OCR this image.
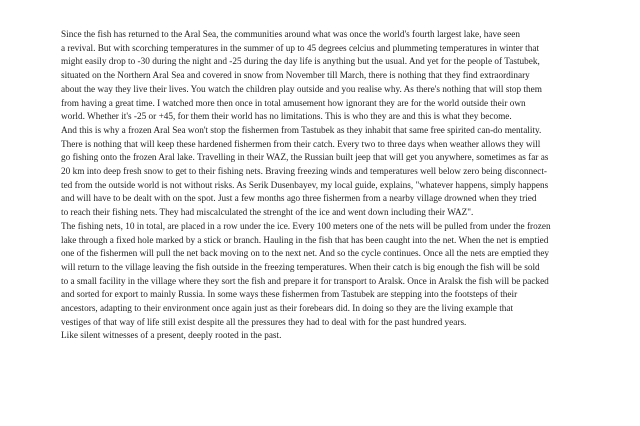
Since the fish has returned to the Aral Sea, the communities around what was once the world's fourth largest lake, have seen
a revival. But with scorching temperatures in the summer of up to 45 degrees celcius and plummeting temperatures in winter that
might easily drop to -30 during the night and -25 during the day life is anything but the usual. And yet for the people of Tastubek,
situated on the Northern Aral Sea and covered in snow from November till March, there is nothing that they find extraordinary
about the way they live their lives. You watch the children play outside and you realise why. As there's nothing that will stop them
from having a great time. I watched more then once in total amusement how ignorant they are for the world outside their own
world. Whether it's -25 or +45, for them their world has no limitations. This is who they are and this is what they become.
And this is why a frozen Aral Sea won't stop the fishermen from Tastubek as they inhabit that same free spirited can-do mentality.
There is nothing that will keep these hardened fishermen from their catch. Every two to three days when weather allows they will
go fishing onto the frozen Aral lake. Travelling in their WAZ, the Russian built jeep that will get you anywhere, sometimes as far as
20 km into deep fresh snow to get to their fishing nets. Braving freezing winds and temperatures well below zero being disconnect-
ted from the outside world is not without risks. As Serik Dusenbayev, my local guide, explains, "whatever happens, simply happens
and will have to be dealt with on the spot. Just a few months ago three fishermen from a nearby village drowned when they tried
to reach their fishing nets. They had miscalculated the strenght of the ice and went down including their WAZ".
The fishing nets, 10 in total, are placed in a row under the ice. Every 100 meters one of the nets will be pulled from under the frozen
lake through a fixed hole marked by a stick or branch. Hauling in the fish that has been caught into the net. When the net is emptied
one of the fishermen will pull the net back moving on to the next net. And so the cycle continues. Once all the nets are emptied they
will return to the village leaving the fish outside in the freezing temperatures. When their catch is big enough the fish will be sold
to a small facility in the village where they sort the fish and prepare it for transport to Aralsk. Once in Aralsk the fish will be packed
and sorted for export to mainly Russia. In some ways these fishermen from Tastubek are stepping into the footsteps of their
ancestors, adapting to their environment once again just as their forebears did. In doing so they are the living example that
vestiges of that way of life still exist despite all the pressures they had to deal with for the past hundred years.
Like silent witnesses of a present, deeply rooted in the past.
